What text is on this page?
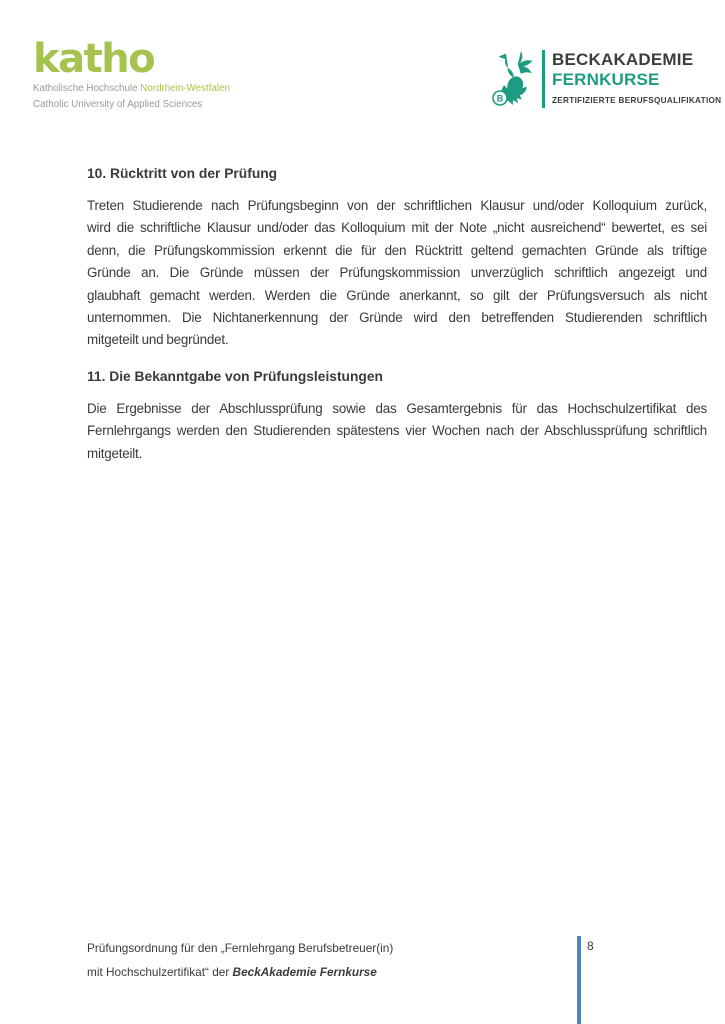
katho
Katholische Hochschule Nordrhein-Westfalen
Catholic University of Applied Sciences	B
BECKAKADEMIE
FERNKURSE
ZERTIFIZIERTE BERUFSQUALIFIKATION
10. Rücktritt von der Prüfung
Treten Studierende nach Prüfungsbeginn von der schriftlichen Klausur und/oder Kolloquium zurück,
wird die schriftliche Klausur und/oder das Kolloquium mit der Note „nicht ausreichend“ bewertet, es sei
denn, die Prüfungskommission erkennt die für den Rücktritt geltend gemachten Gründe als triftige
Gründe an. Die Gründe müssen der Prüfungskommission unverzüglich schriftlich angezeigt und
glaubhaft gemacht werden. Werden die Gründe anerkannt, so gilt der Prüfungsversuch als nicht
unternommen. Die Nichtanerkennung der Gründe wird den betreffenden Studierenden schriftlich
mitgeteilt und begründet.
11. Die Bekanntgabe von Prüfungsleistungen
Die Ergebnisse der Abschlussprüfung sowie das Gesamtergebnis für das Hochschulzertifikat des
Fernlehrgangs werden den Studierenden spätestens vier Wochen nach der Abschlussprüfung schriftlich
mitgeteilt.
Prüfungsordnung für den „Fernlehrgang Berufsbetreuer(in)
mit Hochschulzertifikat“ der BeckAkademie Fernkurse
8
